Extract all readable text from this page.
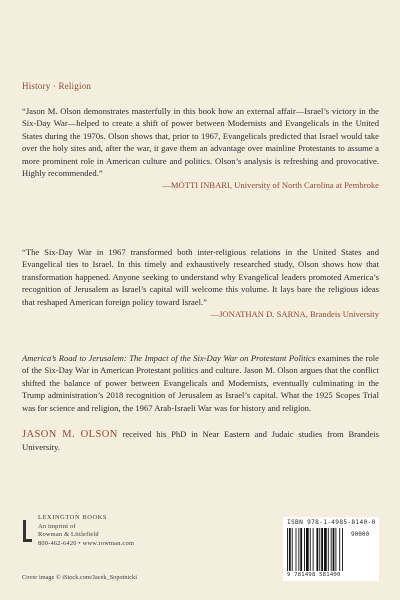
History · Religion

“Jason M. Olson demonstrates masterfully in this book how an external affair—Israel’s victory in the Six-Day War—helped to create a shift of power between Modernists and Evangelicals in the United States during the 1970s. Olson shows that, prior to 1967, Evangelicals predicted that Israel would take over the holy sites and, after the war, it gave them an advantage over mainline Protestants to assume a more prominent role in American culture and politics. Olson’s analysis is refreshing and provocative. Highly recommended.”

—MOTTI INBARI, University of North Carolina at Pembroke

“The Six-Day War in 1967 transformed both inter-religious relations in the United States and Evangelical ties to Israel. In this timely and exhaustively researched study, Olson shows how that transformation happened. Anyone seeking to understand why Evangelical leaders promoted America’s recognition of Jerusalem as Israel’s capital will welcome this volume. It lays bare the religious ideas that reshaped American foreign policy toward Israel.”

—JONATHAN D. SARNA, Brandeis University

America’s Road to Jerusalem: The Impact of the Six-Day War on Protestant Politics examines the role of the Six-Day War in American Protestant politics and culture. Jason M. Olson argues that the conflict shifted the balance of power between Evangelicals and Modernists, eventually culminating in the Trump administration’s 2018 recognition of Jerusalem as Israel’s capital. What the 1925 Scopes Trial was for science and religion, the 1967 Arab-Israeli War was for history and religion.

JASON M. OLSON received his PhD in Near Eastern and Judaic studies from Brandeis University.

LEXINGTON BOOKS
An imprint of
Rowman & Littlefield
800-462-6420 • www.rowman.com
Cover image © iStock.com/Jacek_Sopotnicki
ISBN 978-1-4985-8140-0
90000
9 781498 581400
